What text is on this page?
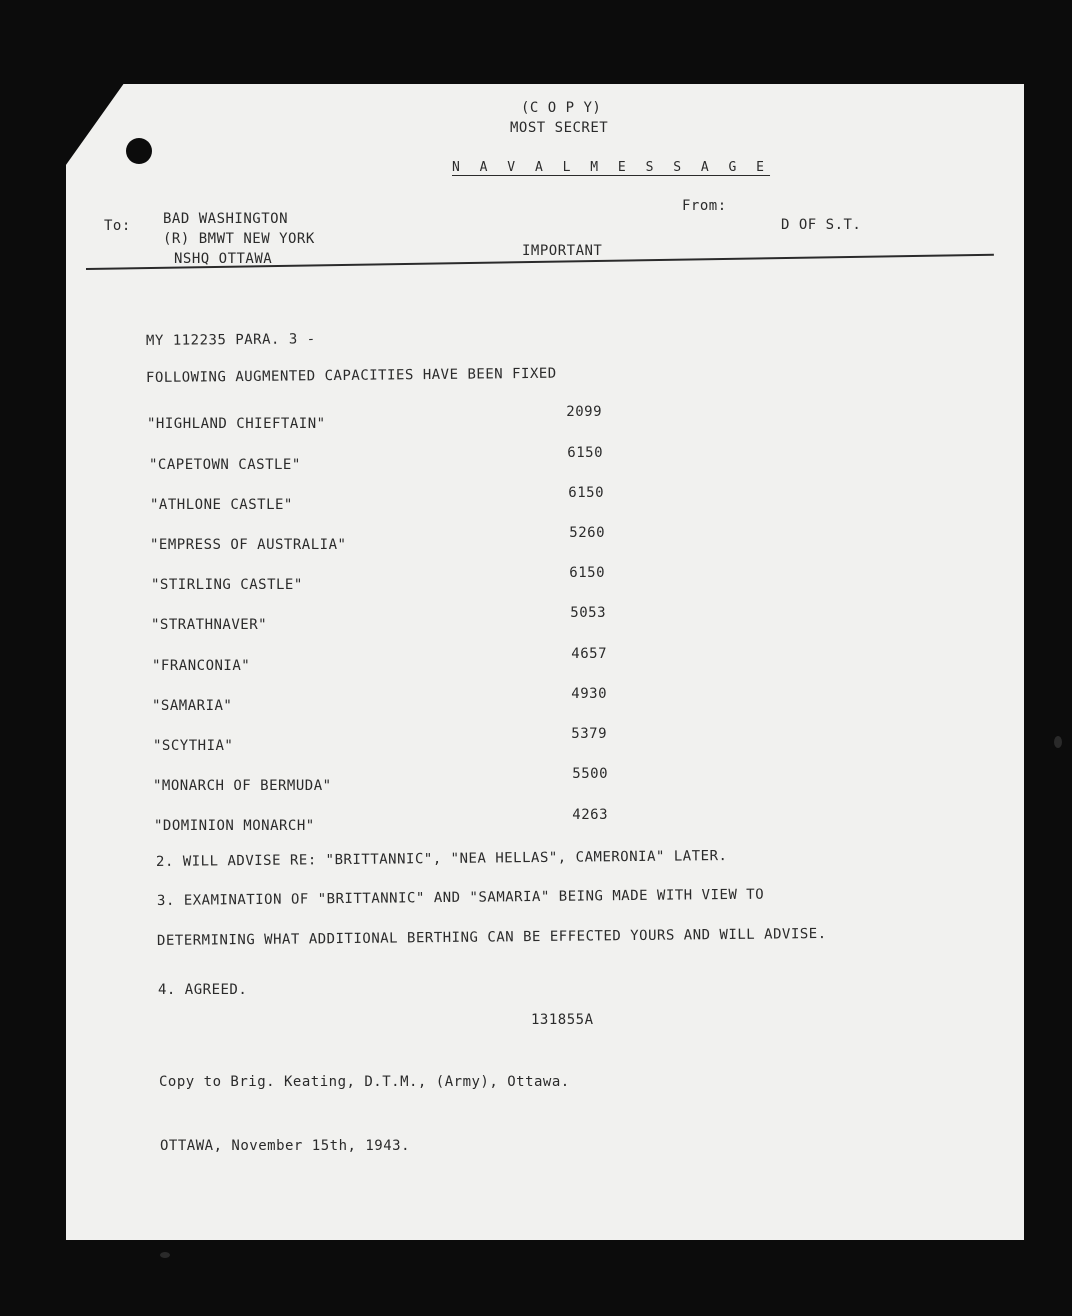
(C O P Y)
MOST SECRET
N A V A L M E S S A G E
To: BAD WASHINGTON
(R) BMWT NEW YORK
NSHQ OTTAWA	IMPORTANT
From:
D OF S.T.
MY 112235 PARA. 3 -
FOLLOWING AUGMENTED CAPACITIES HAVE BEEN FIXED
"HIGHLAND CHIEFTAIN"
2099
"CAPETOWN CASTLE"
6150
"ATHLONE CASTLE"
6150
"EMPRESS OF AUSTRALIA"
5260
"STIRLING CASTLE"
6150
"STRATHNAVER"
5053
"FRANCONIA"
4657
"SAMARIA"
4930
"SCYTHIA"
5379
"MONARCH OF BERMUDA"
5500
"DOMINION MONARCH"
4263
2. WILL ADVISE RE: "BRITTANNIC", "NEA HELLAS", CAMERONIA" LATER.
3. EXAMINATION OF "BRITTANNIC" AND "SAMARIA" BEING MADE WITH VIEW TO
DETERMINING WHAT ADDITIONAL BERTHING CAN BE EFFECTED YOURS AND WILL ADVISE.
4. AGREED.
131855A
Copy to Brig. Keating, D.T.M., (Army), Ottawa.
OTTAWA, November 15th, 1943.
